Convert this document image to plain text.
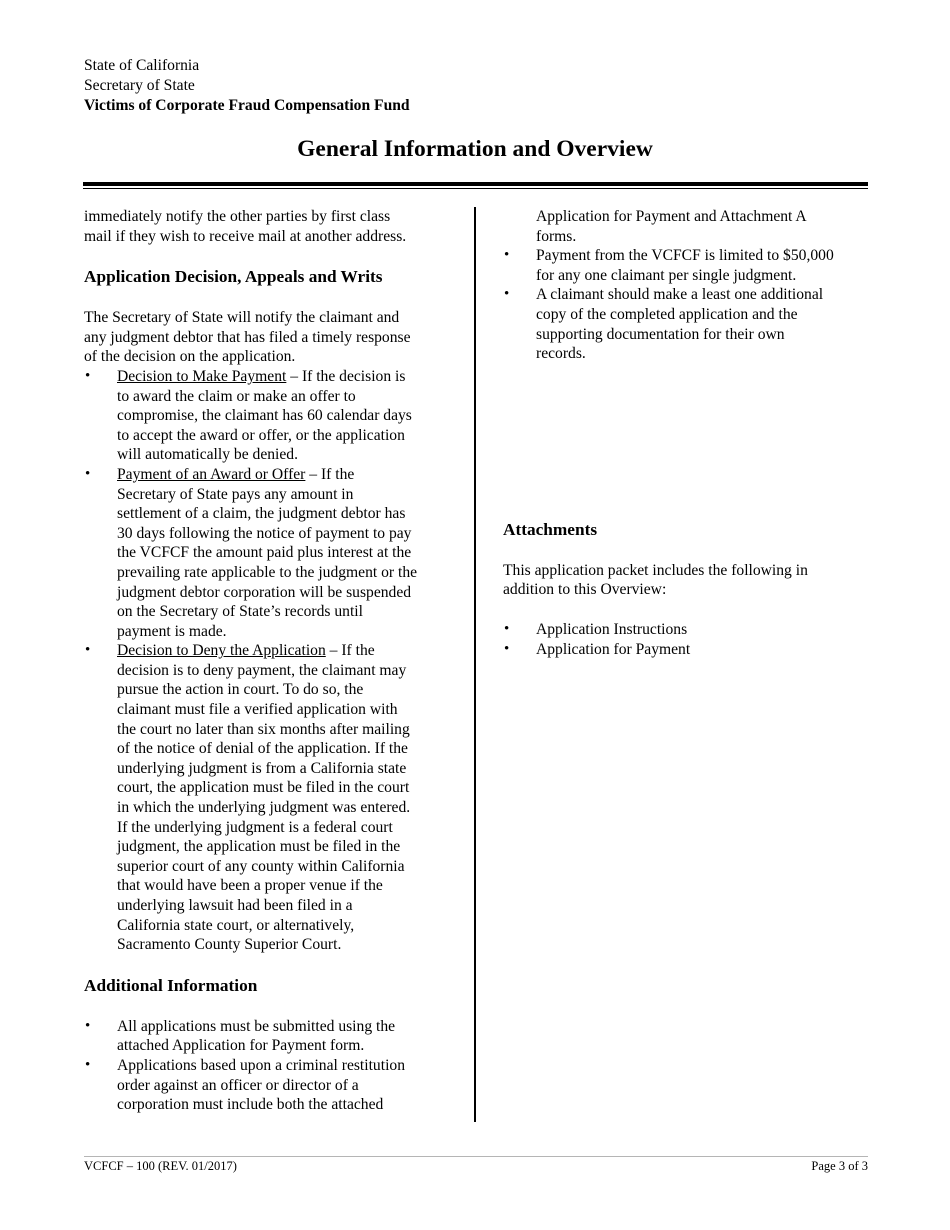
State of California
Secretary of State
Victims of Corporate Fraud Compensation Fund
General Information and Overview

immediately notify the other parties by first class
mail if they wish to receive mail at another address.

Application Decision, Appeals and Writs

The Secretary of State will notify the claimant and
any judgment debtor that has filed a timely response
of the decision on the application.

• Decision to Make Payment – If the decision is
to award the claim or make an offer to
compromise, the claimant has 60 calendar days
to accept the award or offer, or the application
will automatically be denied.
• Payment of an Award or Offer – If the
Secretary of State pays any amount in
settlement of a claim, the judgment debtor has
30 days following the notice of payment to pay
the VCFCF the amount paid plus interest at the
prevailing rate applicable to the judgment or the
judgment debtor corporation will be suspended
on the Secretary of State’s records until
payment is made.
• Decision to Deny the Application – If the
decision is to deny payment, the claimant may
pursue the action in court. To do so, the
claimant must file a verified application with
the court no later than six months after mailing
of the notice of denial of the application. If the
underlying judgment is from a California state
court, the application must be filed in the court
in which the underlying judgment was entered.
If the underlying judgment is a federal court
judgment, the application must be filed in the
superior court of any county within California
that would have been a proper venue if the
underlying lawsuit had been filed in a
California state court, or alternatively,
Sacramento County Superior Court.
Additional Information
• All applications must be submitted using the
attached Application for Payment form.
• Applications based upon a criminal restitution
order against an officer or director of a
corporation must include both the attached
Application for Payment and Attachment A
forms.
• Payment from the VCFCF is limited to $50,000
for any one claimant per single judgment.
• A claimant should make a least one additional
copy of the completed application and the
supporting documentation for their own
records.
Attachments

This application packet includes the following in
addition to this Overview:

• Application Instructions
• Application for Payment
VCFCF – 100 (REV. 01/2017)	Page 3 of 3
